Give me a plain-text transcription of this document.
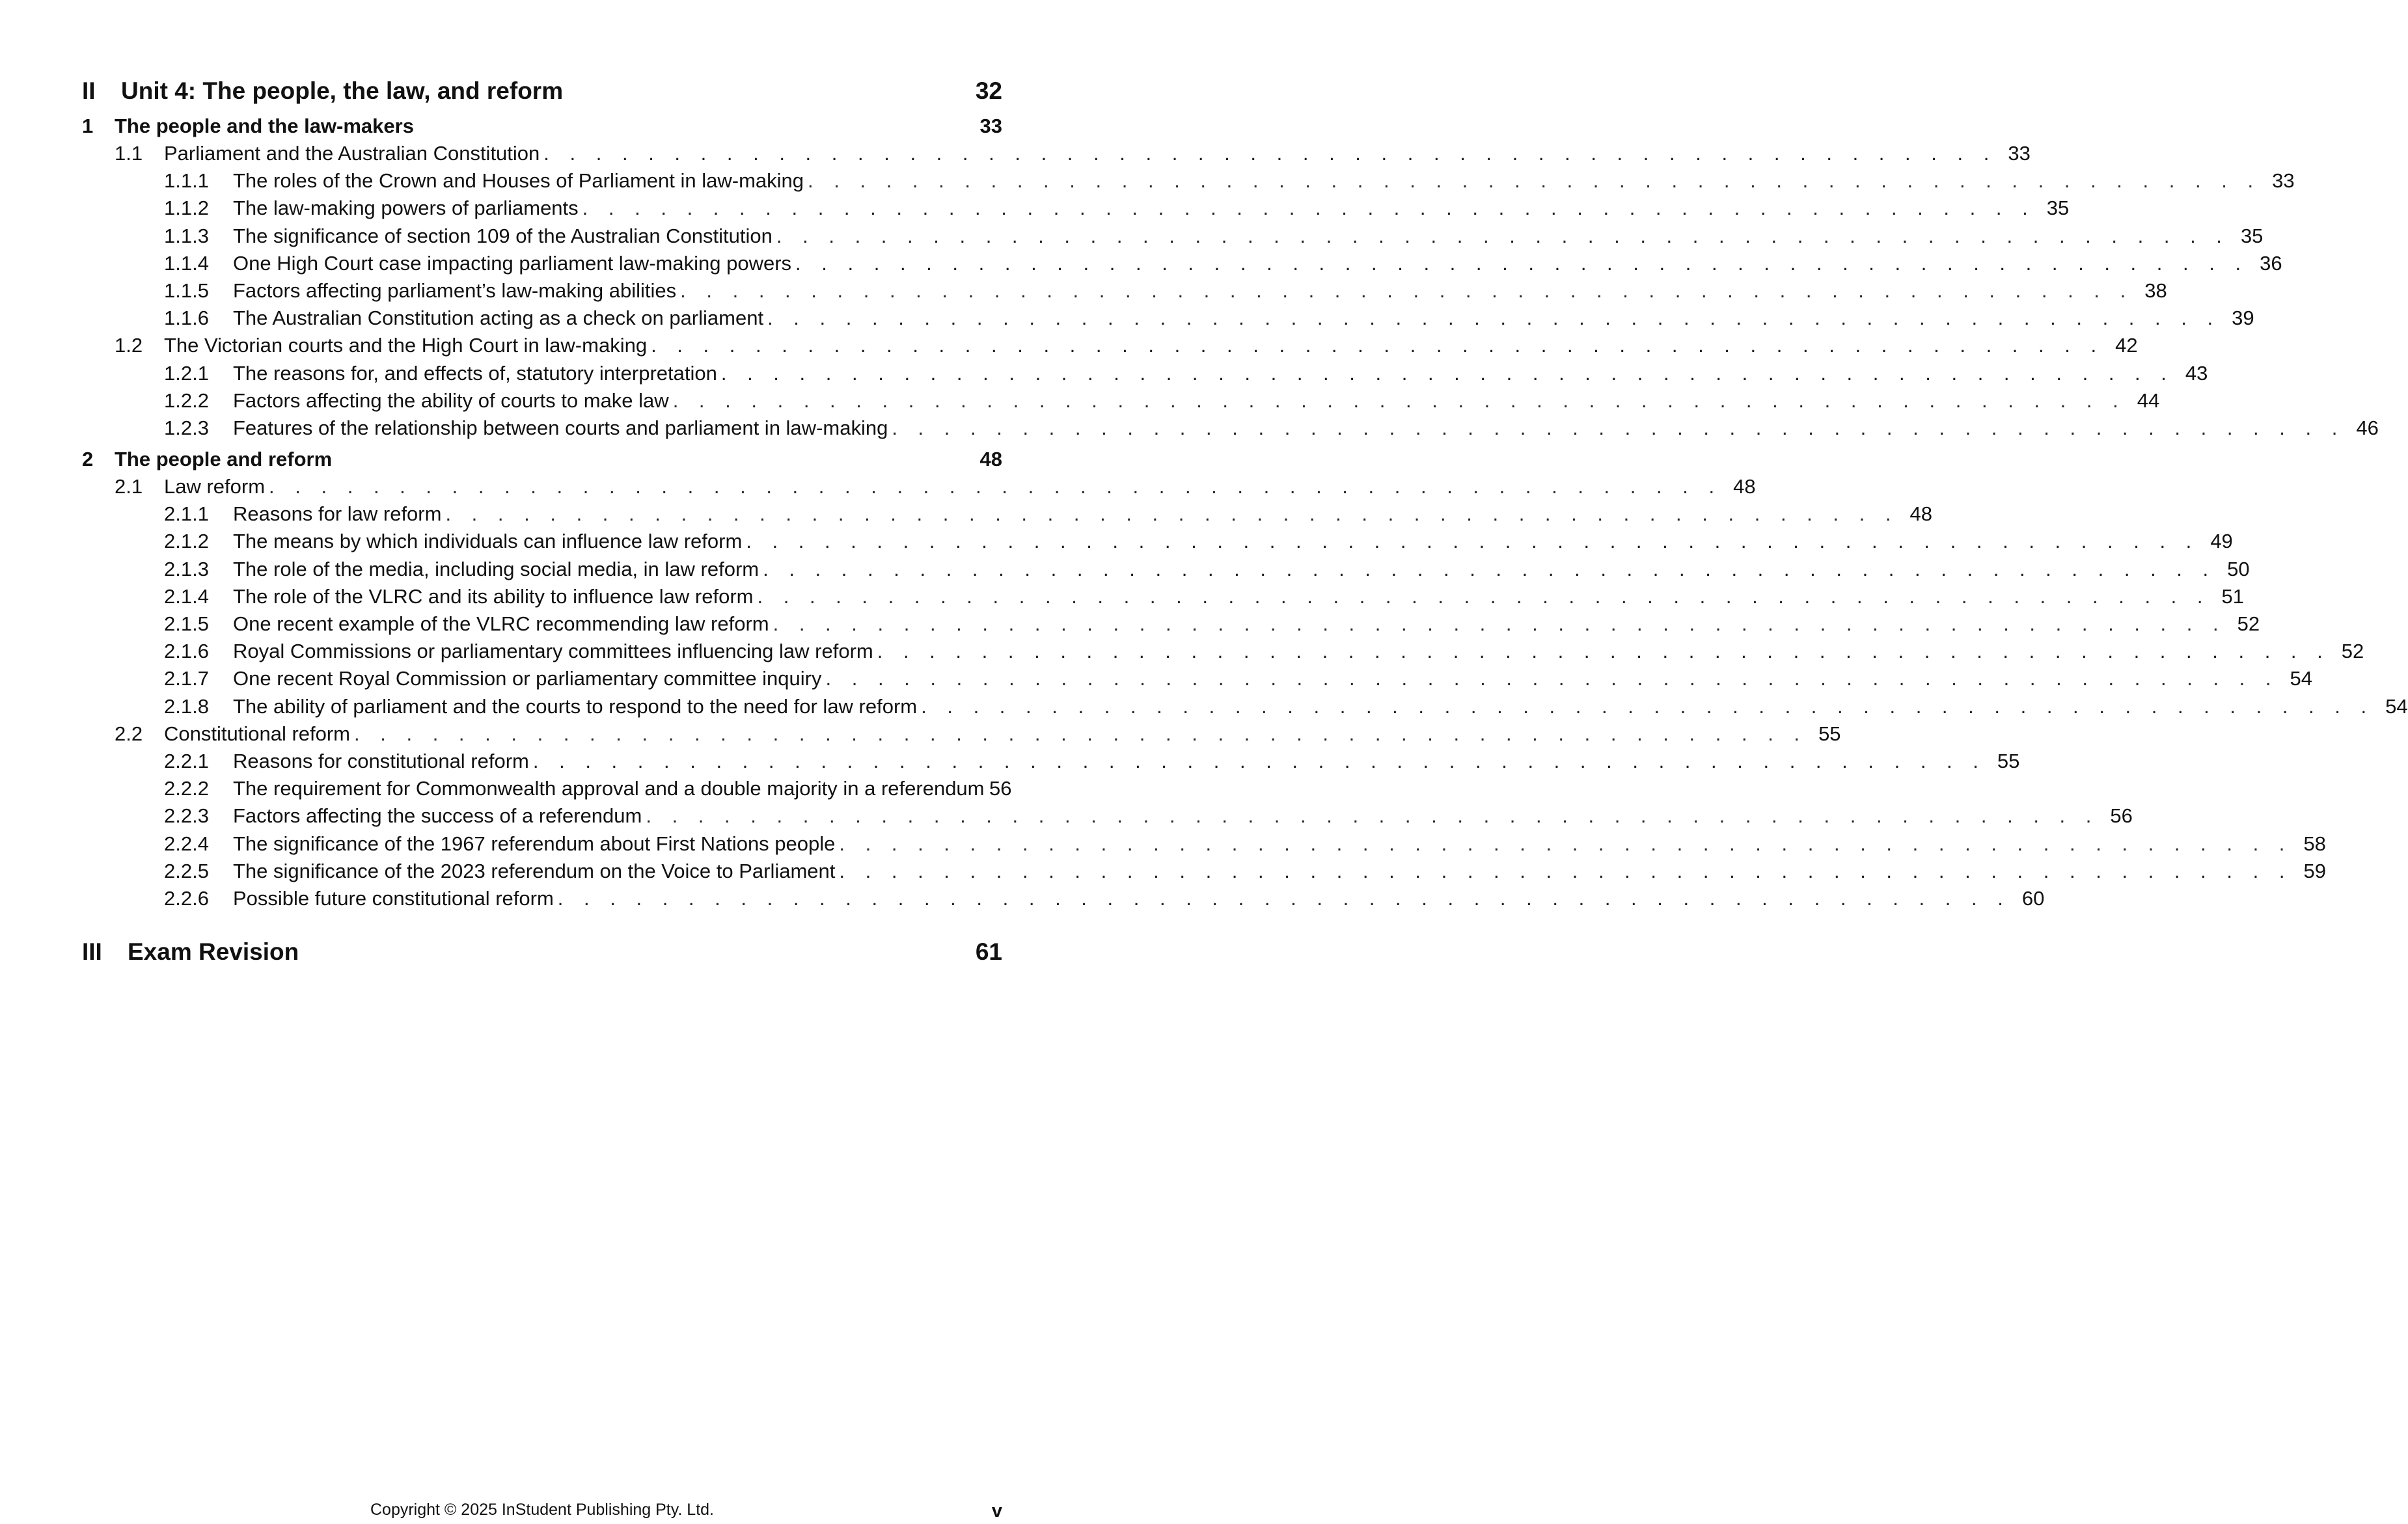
II	Unit 4: The people, the law, and reform	32
1	The people and the law-makers	33
1.1	Parliament and the Australian Constitution . . . . . . . . . . . . . . . . . . . . . . . . . . . . . . . . . . . . . . . . . . . . . . . . . . . . . . . . 33
1.1.1	The roles of the Crown and Houses of Parliament in law-making . . . . . . . . . . . . . . . . . . . . . . . . . . . . . . . . . . . . . . . . . . . . . . . . . . . . . . . . 33
1.1.2	The law-making powers of parliaments . . . . . . . . . . . . . . . . . . . . . . . . . . . . . . . . . . . . . . . . . . . . . . . . . . . . . . . . 35
1.1.3	The significance of section 109 of the Australian Constitution . . . . . . . . . . . . . . . . . . . . . . . . . . . . . . . . . . . . . . . . . . . . . . . . . . . . . . . . 35
1.1.4	One High Court case impacting parliament law-making powers . . . . . . . . . . . . . . . . . . . . . . . . . . . . . . . . . . . . . . . . . . . . . . . . . . . . . . . . 36
1.1.5	Factors affecting parliament’s law-making abilities . . . . . . . . . . . . . . . . . . . . . . . . . . . . . . . . . . . . . . . . . . . . . . . . . . . . . . . . 38
1.1.6	The Australian Constitution acting as a check on parliament . . . . . . . . . . . . . . . . . . . . . . . . . . . . . . . . . . . . . . . . . . . . . . . . . . . . . . . . 39
1.2	The Victorian courts and the High Court in law-making . . . . . . . . . . . . . . . . . . . . . . . . . . . . . . . . . . . . . . . . . . . . . . . . . . . . . . . . 42
1.2.1	The reasons for, and effects of, statutory interpretation . . . . . . . . . . . . . . . . . . . . . . . . . . . . . . . . . . . . . . . . . . . . . . . . . . . . . . . . 43
1.2.2	Factors affecting the ability of courts to make law . . . . . . . . . . . . . . . . . . . . . . . . . . . . . . . . . . . . . . . . . . . . . . . . . . . . . . . . 44
1.2.3	Features of the relationship between courts and parliament in law-making . . . . . . . . . . . . . . . . . . . . . . . . . . . . . . . . . . . . . . . . . . . . . . . . . . . . . . . . 46
2	The people and reform	48
2.1	Law reform . . . . . . . . . . . . . . . . . . . . . . . . . . . . . . . . . . . . . . . . . . . . . . . . . . . . . . . . 48
2.1.1	Reasons for law reform . . . . . . . . . . . . . . . . . . . . . . . . . . . . . . . . . . . . . . . . . . . . . . . . . . . . . . . . 48
2.1.2	The means by which individuals can influence law reform . . . . . . . . . . . . . . . . . . . . . . . . . . . . . . . . . . . . . . . . . . . . . . . . . . . . . . . . 49
2.1.3	The role of the media, including social media, in law reform . . . . . . . . . . . . . . . . . . . . . . . . . . . . . . . . . . . . . . . . . . . . . . . . . . . . . . . . 50
2.1.4	The role of the VLRC and its ability to influence law reform . . . . . . . . . . . . . . . . . . . . . . . . . . . . . . . . . . . . . . . . . . . . . . . . . . . . . . . . 51
2.1.5	One recent example of the VLRC recommending law reform . . . . . . . . . . . . . . . . . . . . . . . . . . . . . . . . . . . . . . . . . . . . . . . . . . . . . . . . 52
2.1.6	Royal Commissions or parliamentary committees influencing law reform . . . . . . . . . . . . . . . . . . . . . . . . . . . . . . . . . . . . . . . . . . . . . . . . . . . . . . . . 52
2.1.7	One recent Royal Commission or parliamentary committee inquiry . . . . . . . . . . . . . . . . . . . . . . . . . . . . . . . . . . . . . . . . . . . . . . . . . . . . . . . . 54
2.1.8	The ability of parliament and the courts to respond to the need for law reform . . . . . . . . . . . . . . . . . . . . . . . . . . . . . . . . . . . . . . . . . . . . . . . . . . . . . . . . 54
2.2	Constitutional reform . . . . . . . . . . . . . . . . . . . . . . . . . . . . . . . . . . . . . . . . . . . . . . . . . . . . . . . . 55
2.2.1	Reasons for constitutional reform . . . . . . . . . . . . . . . . . . . . . . . . . . . . . . . . . . . . . . . . . . . . . . . . . . . . . . . . 55
2.2.2	The requirement for Commonwealth approval and a double majority in a referendum 56
2.2.3	Factors affecting the success of a referendum . . . . . . . . . . . . . . . . . . . . . . . . . . . . . . . . . . . . . . . . . . . . . . . . . . . . . . . . 56
2.2.4	The significance of the 1967 referendum about First Nations people . . . . . . . . . . . . . . . . . . . . . . . . . . . . . . . . . . . . . . . . . . . . . . . . . . . . . . . . 58
2.2.5	The significance of the 2023 referendum on the Voice to Parliament . . . . . . . . . . . . . . . . . . . . . . . . . . . . . . . . . . . . . . . . . . . . . . . . . . . . . . . . 59
2.2.6	Possible future constitutional reform . . . . . . . . . . . . . . . . . . . . . . . . . . . . . . . . . . . . . . . . . . . . . . . . . . . . . . . . 60
III	Exam Revision	61
Copyright © 2025 InStudent Publishing Pty. Ltd.	v
